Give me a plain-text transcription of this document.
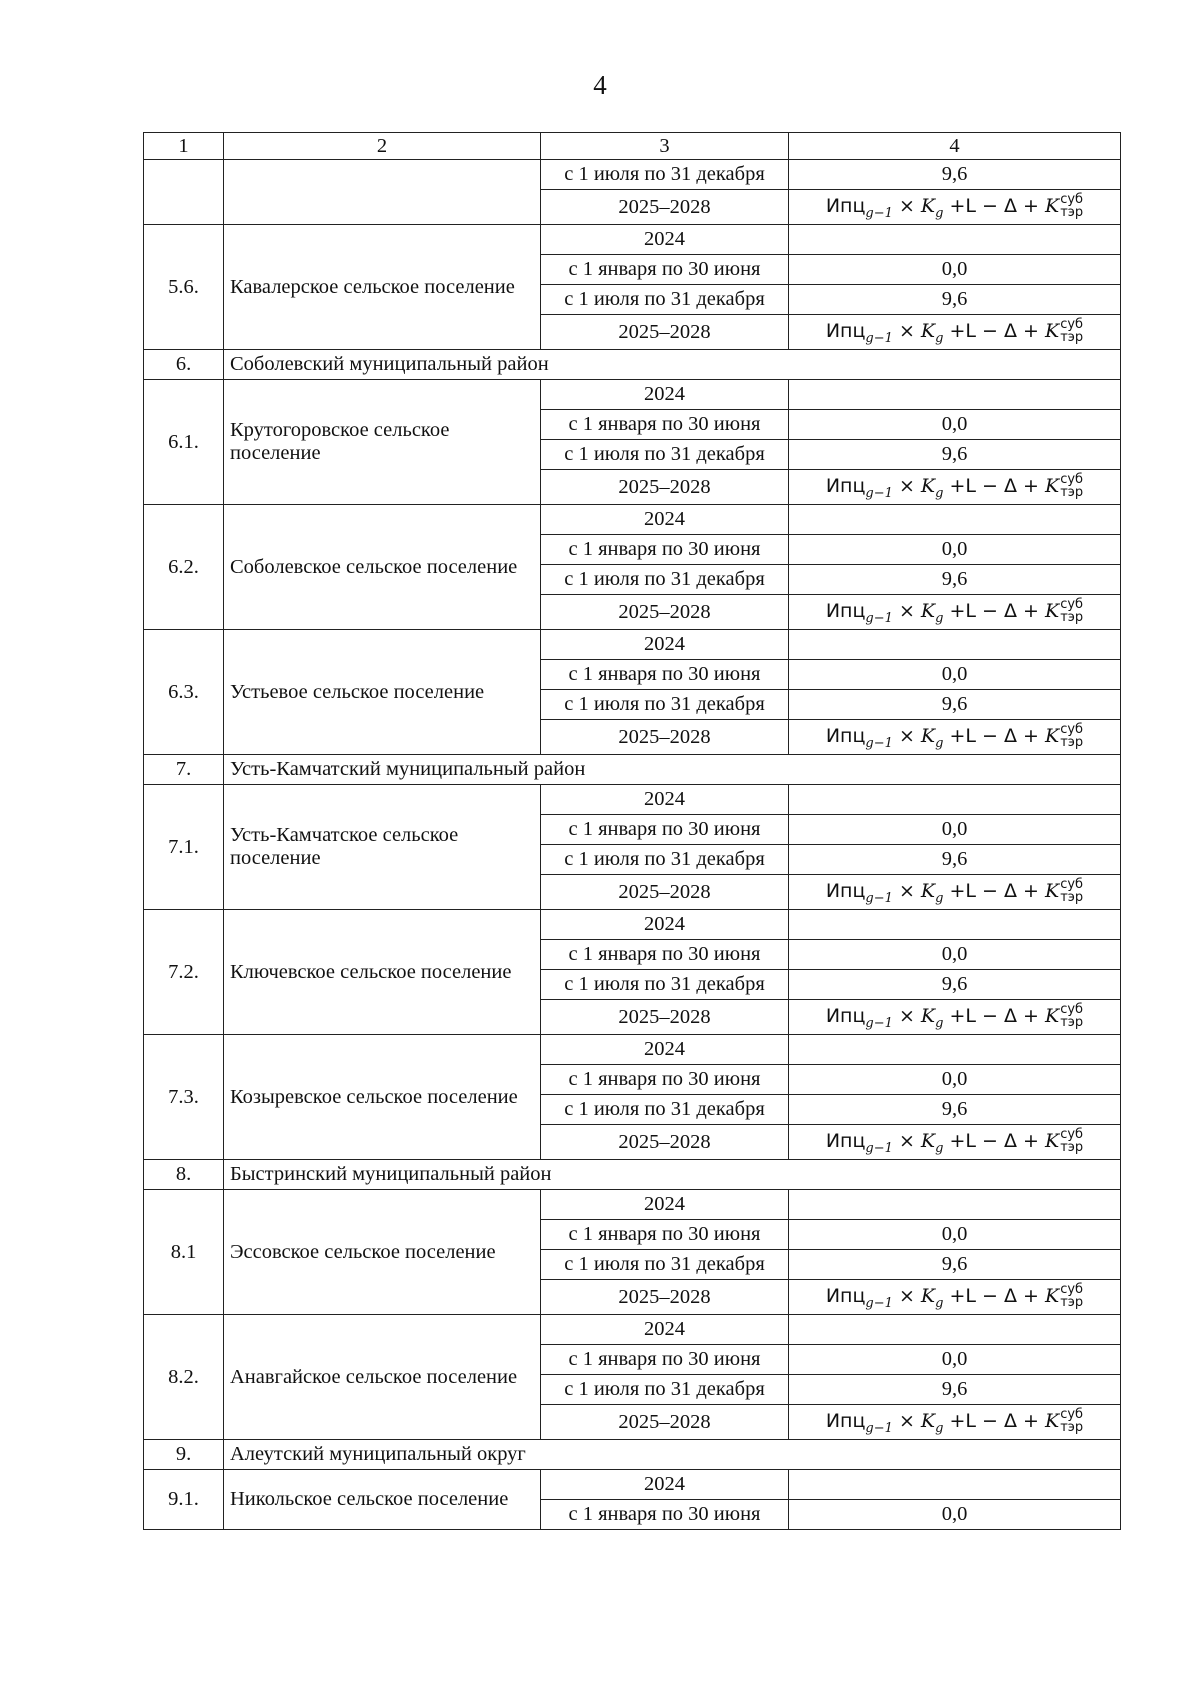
4
1	2	3	4
		с 1 июля по 31 декабря	9,6
		2025–2028	$Ипц_{g-1} \times K_g +L - \Delta + K$ суб
тэр

5.6.	Кавалерское сельское поселение	2024	
		с 1 января по 30 июня	0,0
		с 1 июля по 31 декабря	9,6
		2025–2028	$Ипц_{g-1} \times K_g +L - \Delta + K$ суб
тэр

6.	Соболевский муниципальный район		
6.1.	Крутогоровское сельское поселение	2024	
		с 1 января по 30 июня	0,0
		с 1 июля по 31 декабря	9,6
		2025–2028	$Ипц_{g-1} \times K_g +L - \Delta + K$ суб
тэр

6.2.	Соболевское сельское поселение	2024	
		с 1 января по 30 июня	0,0
		с 1 июля по 31 декабря	9,6
		2025–2028	$Ипц_{g-1} \times K_g +L - \Delta + K$ суб
тэр

6.3.	Устьевое сельское поселение	2024	
		с 1 января по 30 июня	0,0
		с 1 июля по 31 декабря	9,6
		2025–2028	$Ипц_{g-1} \times K_g +L - \Delta + K$ суб
тэр

7.	Усть-Камчатский муниципальный район		
7.1.	Усть-Камчатское сельское поселение	2024	
		с 1 января по 30 июня	0,0
		с 1 июля по 31 декабря	9,6
		2025–2028	$Ипц_{g-1} \times K_g +L - \Delta + K$ суб
тэр

7.2.	Ключевское сельское поселение	2024	
		с 1 января по 30 июня	0,0
		с 1 июля по 31 декабря	9,6
		2025–2028	$Ипц_{g-1} \times K_g +L - \Delta + K$ суб
тэр

7.3.	Козыревское сельское поселение	2024	
		с 1 января по 30 июня	0,0
		с 1 июля по 31 декабря	9,6
		2025–2028	$Ипц_{g-1} \times K_g +L - \Delta + K$ суб
тэр

8.	Быстринский муниципальный район		
8.1	Эссовское сельское поселение	2024	
		с 1 января по 30 июня	0,0
		с 1 июля по 31 декабря	9,6
		2025–2028	$Ипц_{g-1} \times K_g +L - \Delta + K$ суб
тэр

8.2.	Анавгайское сельское поселение	2024	
		с 1 января по 30 июня	0,0
		с 1 июля по 31 декабря	9,6
		2025–2028	$Ипц_{g-1} \times K_g +L - \Delta + K$ суб
тэр

9.	Алеутский муниципальный округ		
9.1.	Никольское сельское поселение	2024	
		с 1 января по 30 июня	0,0
